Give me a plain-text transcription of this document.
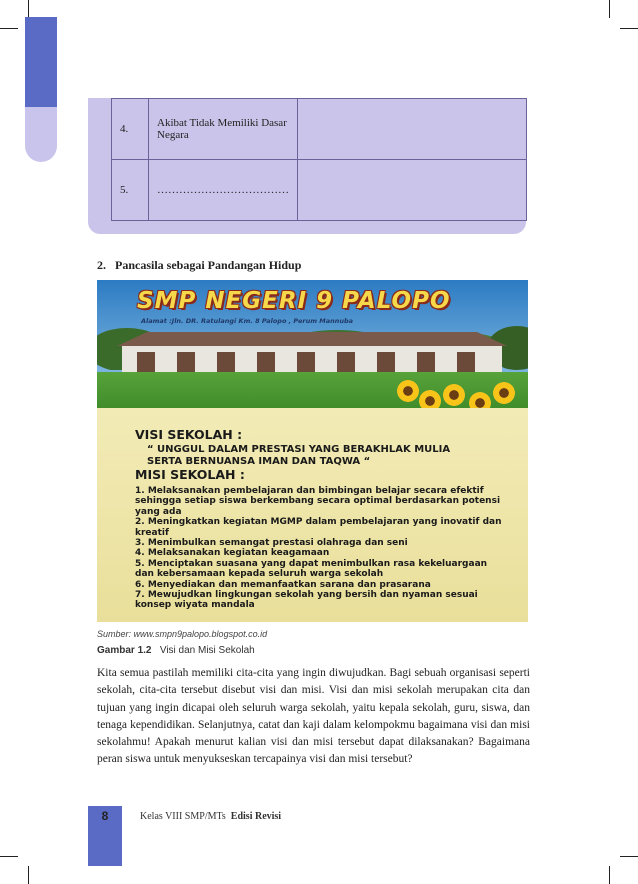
4.	Akibat Tidak Memiliki Dasar Negara	
5.	………………………………	
2. Pancasila sebagai Pandangan Hidup
SMP NEGERI 9 PALOPO
Alamat :Jln. DR. Ratulangi Km. 8 Palopo , Perum Mannuba
VISI SEKOLAH :
“ UNGGUL DALAM PRESTASI YANG BERAKHLAK MULIA SERTA BERNUANSA IMAN DAN TAQWA “
MISI SEKOLAH :
1. Melaksanakan pembelajaran dan bimbingan belajar secara efektif sehingga setiap siswa berkembang secara optimal berdasarkan potensi yang ada
2. Meningkatkan kegiatan MGMP dalam pembelajaran yang inovatif dan kreatif
3. Menimbulkan semangat prestasi olahraga dan seni
4. Melaksanakan kegiatan keagamaan
5. Menciptakan suasana yang dapat menimbulkan rasa kekeluargaan dan kebersamaan kepada seluruh warga sekolah
6. Menyediakan dan memanfaatkan sarana dan prasarana
7. Mewujudkan lingkungan sekolah yang bersih dan nyaman sesuai konsep wiyata mandala
Sumber: www.smpn9palopo.blogspot.co.id
Gambar 1.2 Visi dan Misi Sekolah
Kita semua pastilah memiliki cita-cita yang ingin diwujudkan. Bagi sebuah organisasi seperti sekolah, cita-cita tersebut disebut visi dan misi. Visi dan misi sekolah merupakan cita dan tujuan yang ingin dicapai oleh seluruh warga sekolah, yaitu kepala sekolah, guru, siswa, dan tenaga kependidikan. Selanjutnya, catat dan kaji dalam kelompokmu bagaimana visi dan misi sekolahmu! Apakah menurut kalian visi dan misi tersebut dapat dilaksanakan? Bagaimana peran siswa untuk menyukseskan tercapainya visi dan misi tersebut?
8	Kelas VIII SMP/MTs Edisi Revisi
